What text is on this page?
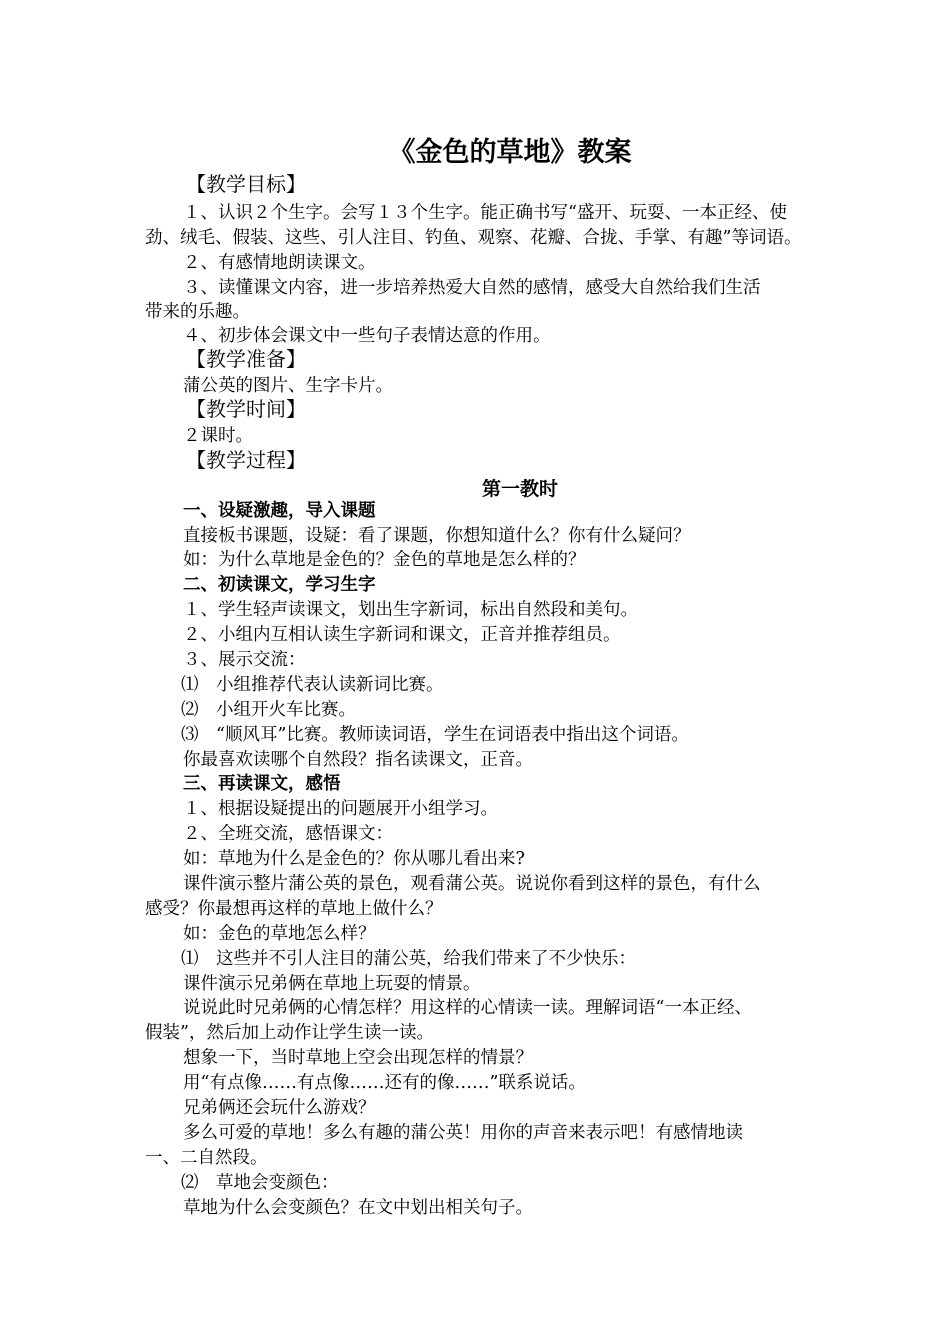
《金色的草地》教案
【教学目标】
１、认识２个生字。会写１３个生字。能正确书写“盛开、玩耍、一本正经、使
劲、绒毛、假装、这些、引人注目、钓鱼、观察、花瓣、合拢、手掌、有趣”等词语。
２、有感情地朗读课文。
３、读懂课文内容，进一步培养热爱大自然的感情，感受大自然给我们生活
带来的乐趣。
４、初步体会课文中一些句子表情达意的作用。
【教学准备】
蒲公英的图片、生字卡片。
【教学时间】
２课时。
【教学过程】
第一教时
一、设疑激趣，导入课题
直接板书课题，设疑：看了课题，你想知道什么？你有什么疑问？
如：为什么草地是金色的？金色的草地是怎么样的？
二、初读课文，学习生字
１、学生轻声读课文，划出生字新词，标出自然段和美句。
２、小组内互相认读生字新词和课文，正音并推荐组员。
３、展示交流：
⑴　小组推荐代表认读新词比赛。
⑵　小组开火车比赛。
⑶　“顺风耳”比赛。教师读词语，学生在词语表中指出这个词语。
你最喜欢读哪个自然段？指名读课文，正音。
三、再读课文，感悟
１、根据设疑提出的问题展开小组学习。
２、全班交流，感悟课文：
如：草地为什么是金色的？你从哪儿看出来?
课件演示整片蒲公英的景色，观看蒲公英。说说你看到这样的景色，有什么
感受？你最想再这样的草地上做什么？
如：金色的草地怎么样？
⑴　这些并不引人注目的蒲公英，给我们带来了不少快乐：
课件演示兄弟俩在草地上玩耍的情景。
说说此时兄弟俩的心情怎样？用这样的心情读一读。理解词语“一本正经、
假装”，然后加上动作让学生读一读。
想象一下，当时草地上空会出现怎样的情景？
用“有点像……有点像……还有的像……”联系说话。
兄弟俩还会玩什么游戏？
多么可爱的草地！多么有趣的蒲公英！用你的声音来表示吧！有感情地读
一、二自然段。
⑵　草地会变颜色：
草地为什么会变颜色？在文中划出相关句子。
